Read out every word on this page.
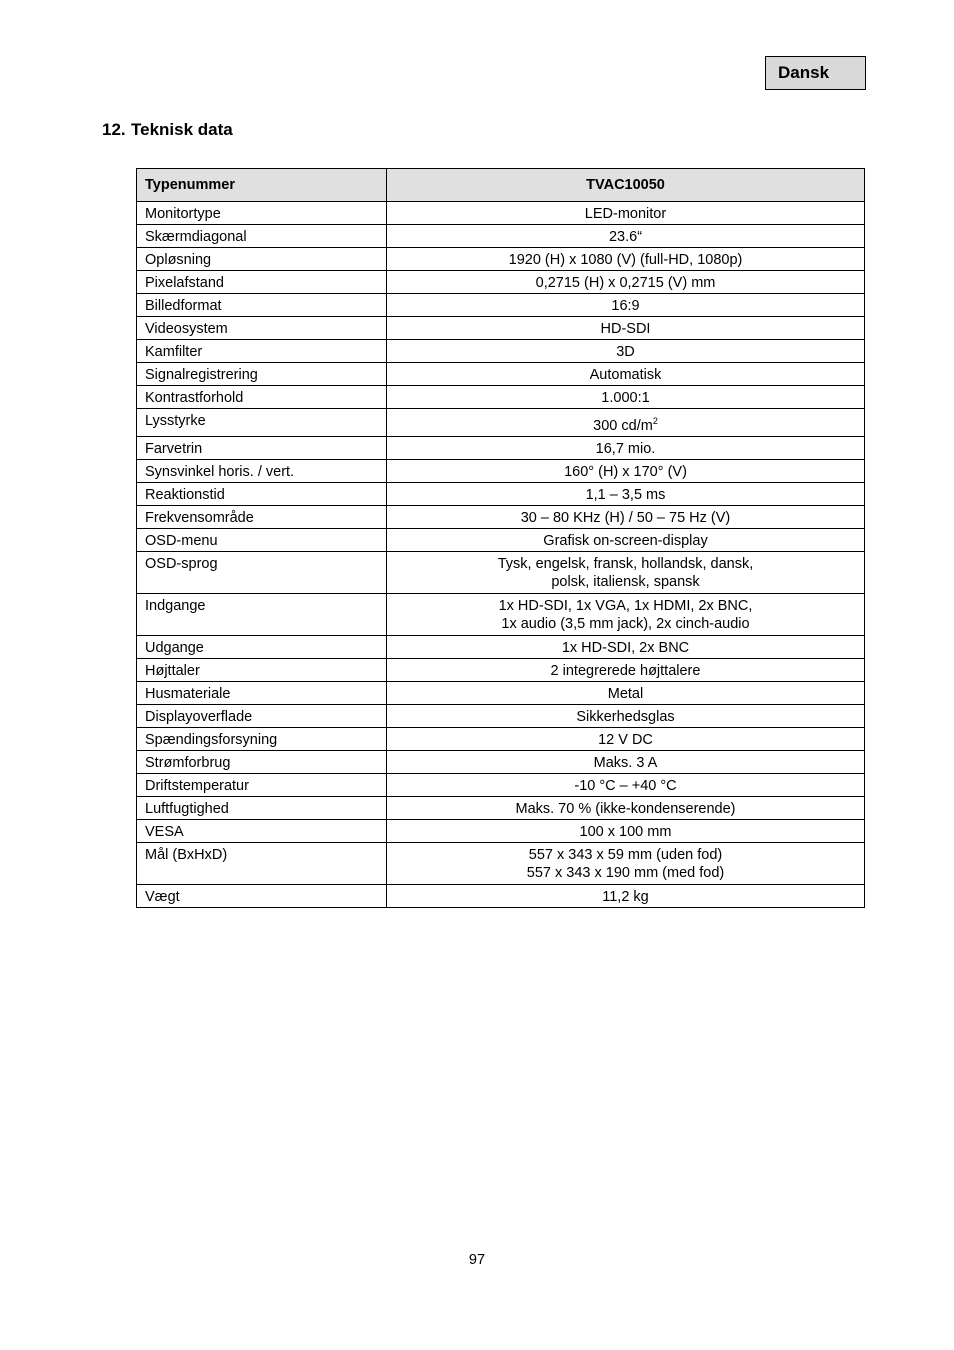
Dansk
12. Teknisk data
Typenummer	TVAC10050
Monitortype	LED-monitor
Skærmdiagonal	23.6“
Opløsning	1920 (H) x 1080 (V) (full-HD, 1080p)
Pixelafstand	0,2715 (H) x 0,2715 (V) mm
Billedformat	16:9
Videosystem	HD-SDI
Kamfilter	3D
Signalregistrering	Automatisk
Kontrastforhold	1.000:1
Lysstyrke	300 $cd/m^2$
Farvetrin	16,7 mio.
Synsvinkel horis. / vert.	160° (H) x 170° (V)
Reaktionstid	1,1 – 3,5 ms
Frekvensområde	30 – 80 KHz (H) / 50 – 75 Hz (V)
OSD-menu	Grafisk on-screen-display
OSD-sprog	Tysk, engelsk, fransk, hollandsk, dansk,
polsk, italiensk, spansk
Indgange	1x HD-SDI, 1x VGA, 1x HDMI, 2x BNC,
1x audio (3,5 mm jack), 2x cinch-audio
Udgange	1x HD-SDI, 2x BNC
Højttaler	2 integrerede højttalere
Husmateriale	Metal
Displayoverflade	Sikkerhedsglas
Spændingsforsyning	12 V DC
Strømforbrug	Maks. 3 A
Driftstemperatur	-10 °C – +40 °C
Luftfugtighed	Maks. 70 % (ikke-kondenserende)
VESA	100 x 100 mm
Mål (BxHxD)	557 x 343 x 59 mm (uden fod)
557 x 343 x 190 mm (med fod)
Vægt	11,2 kg
97
